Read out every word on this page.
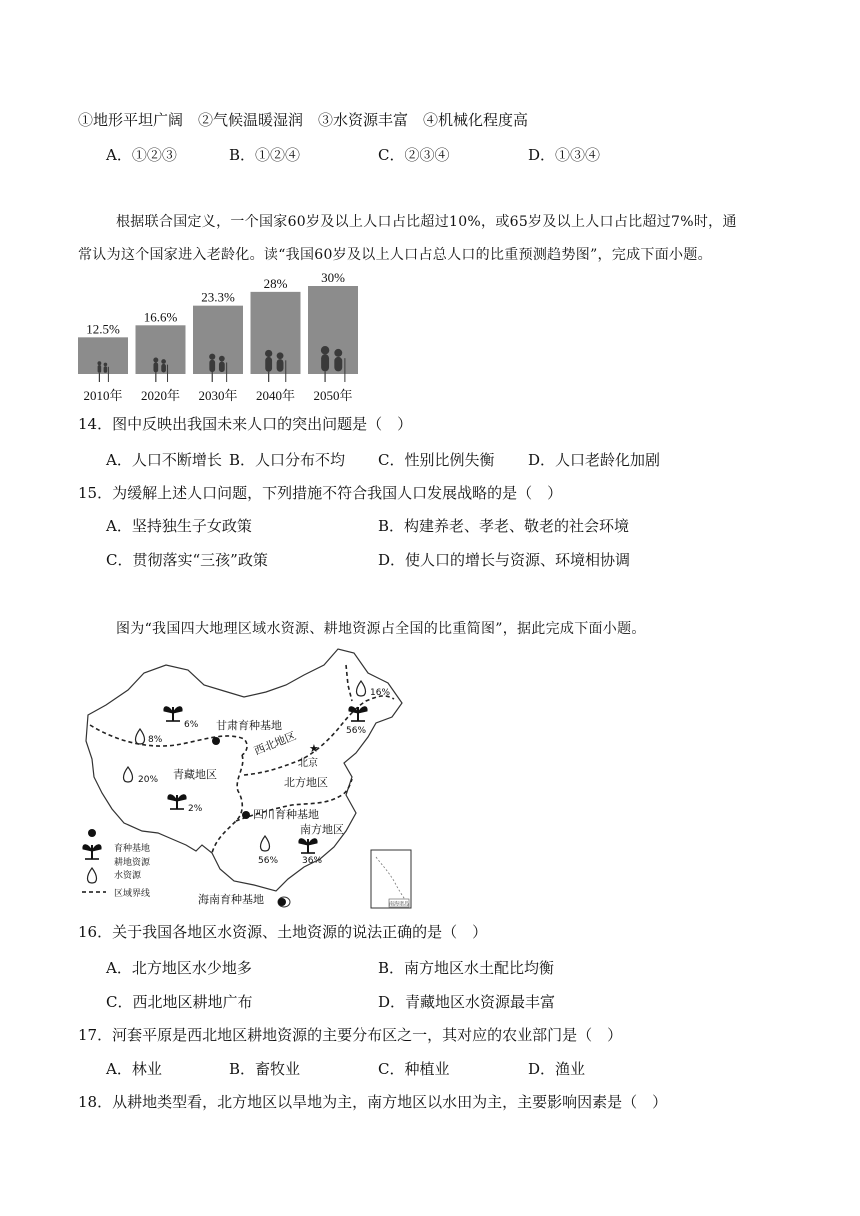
①地形平坦广阔　②气候温暖湿润　③水资源丰富　④机械化程度高
A．①②③	B．①②④	C．②③④	D．①③④
根据联合国定义，一个国家60岁及以上人口占比超过10%，或65岁及以上人口占比超过7%时，通
常认为这个国家进入老龄化。读“我国60岁及以上人口占总人口的比重预测趋势图”，完成下面小题。
12.5%
2010年
16.6%
2020年
23.3%
2030年
28%
2040年
30%
2050年
14．图中反映出我国未来人口的突出问题是（　）
A．人口不断增长 B．人口分布不均 C．性别比例失衡 D．人口老龄化加剧
15．为缓解上述人口问题，下列措施不符合我国人口发展战略的是（　）
A．坚持独生子女政策	B．构建养老、孝老、敬老的社会环境
C．贯彻落实“三孩”政策	D．使人口的增长与资源、环境相协调
图为“我国四大地理区域水资源、耕地资源占全国的比重简图”，据此完成下面小题。
南海诸岛
6%
8%
甘肃育种基地
西北地区
16%
56%
★
北京
北方地区
20% 青藏地区
2%	四川育种基地
南方地区
56%	36%
海南育种基地
育种基地
耕地资源
水资源
区域界线
16．关于我国各地区水资源、土地资源的说法正确的是（　）
A．北方地区水少地多	B．南方地区水土配比均衡
C．西北地区耕地广布	D．青藏地区水资源最丰富
17．河套平原是西北地区耕地资源的主要分布区之一，其对应的农业部门是（　）
A．林业	B．畜牧业	C．种植业	D．渔业
18．从耕地类型看，北方地区以旱地为主，南方地区以水田为主，主要影响因素是（　）
